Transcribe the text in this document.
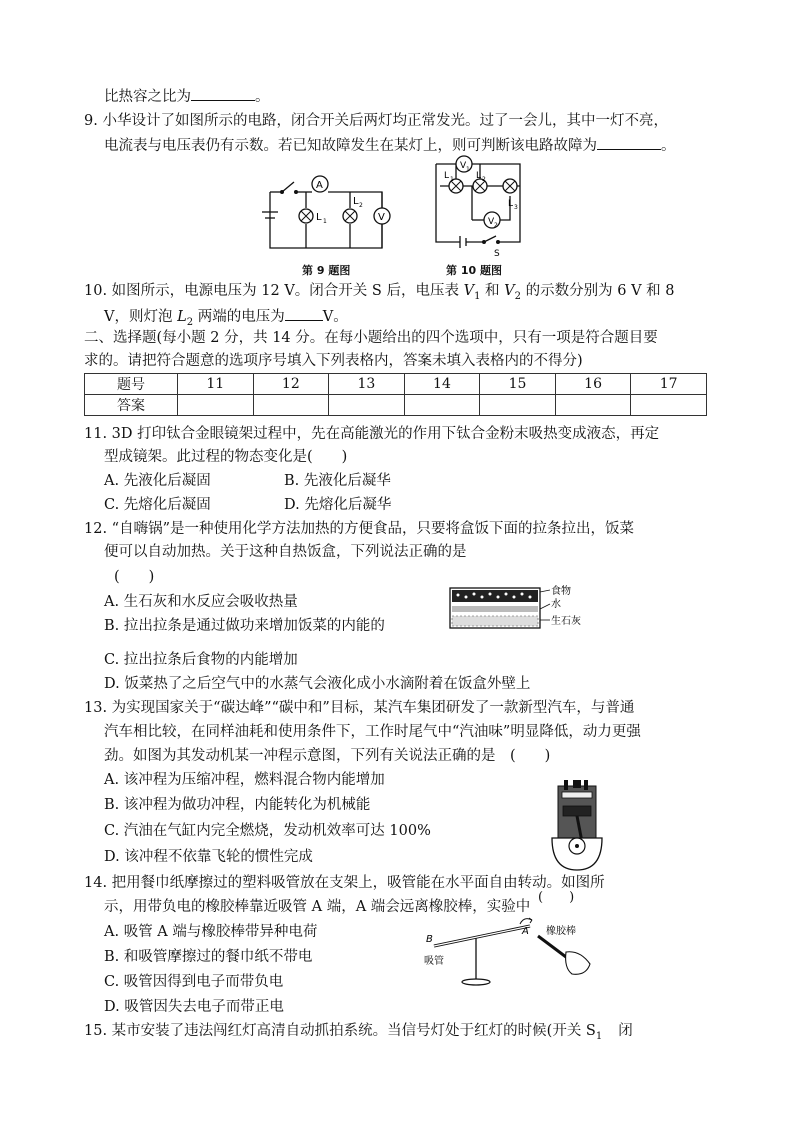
比热容之比为	。
9. 小华设计了如图所示的电路，闭合开关后两灯均正常发光。过了一会儿，其中一灯不亮，
电流表与电压表仍有示数。若已知故障发生在某灯上，则可判断该电路故障为	。
A
V
L 1
L 2
第 9 题图
V 1
V 2
L 1 L 2
L 3
S
第 10 题图
10. 如图所示，电源电压为 12 V。闭合开关 S 后，电压表 $V_1$ 和 $V_2$ 的示数分别为 6 V 和 8
V，则灯泡 $L_2$ 两端的电压为	V。
二、选择题(每小题 2 分，共 14 分。在每小题给出的四个选项中，只有一项是符合题目要
求的。请把符合题意的选项序号填入下列表格内，答案未填入表格内的不得分)
题号	11	12	13	14	15	16	17
答案							
11. 3D 打印钛合金眼镜架过程中，先在高能激光的作用下钛合金粉末吸热变成液态，再定
型成镜架。此过程的物态变化是(　　)
A. 先液化后凝固	B. 先液化后凝华
C. 先熔化后凝固	D. 先熔化后凝华
12. “自嗨锅”是一种使用化学方法加热的方便食品，只要将盒饭下面的拉条拉出，饭菜
便可以自动加热。关于这种自热饭盒，下列说法正确的是
(　　)
A. 生石灰和水反应会吸收热量
B. 拉出拉条是通过做功来增加饭菜的内能的
C. 拉出拉条后食物的内能增加
D. 饭菜热了之后空气中的水蒸气会液化成小水滴附着在饭盒外壁上
食物
水
生石灰
13. 为实现国家关于“碳达峰”“碳中和”目标，某汽车集团研发了一款新型汽车，与普通
汽车相比较，在同样油耗和使用条件下，工作时尾气中“汽油味”明显降低，动力更强
劲。如图为其发动机某一冲程示意图，下列有关说法正确的是　(　　)
A. 该冲程为压缩冲程，燃料混合物内能增加
B. 该冲程为做功冲程，内能转化为机械能
C. 汽油在气缸内完全燃烧，发动机效率可达 100%
D. 该冲程不依靠飞轮的惯性完成
14. 把用餐巾纸摩擦过的塑料吸管放在支架上，吸管能在水平面自由转动。如图所
示，用带负电的橡胶棒靠近吸管 A 端，A 端会远离橡胶棒，实验中
(　　)
A. 吸管 A 端与橡胶棒带异种电荷
B. 和吸管摩擦过的餐巾纸不带电
C. 吸管因得到电子而带负电
D. 吸管因失去电子而带正电
B
A
吸管
橡胶棒
15. 某市安装了违法闯红灯高清自动抓拍系统。当信号灯处于红灯的时候(开关 $S_1$ 闭
